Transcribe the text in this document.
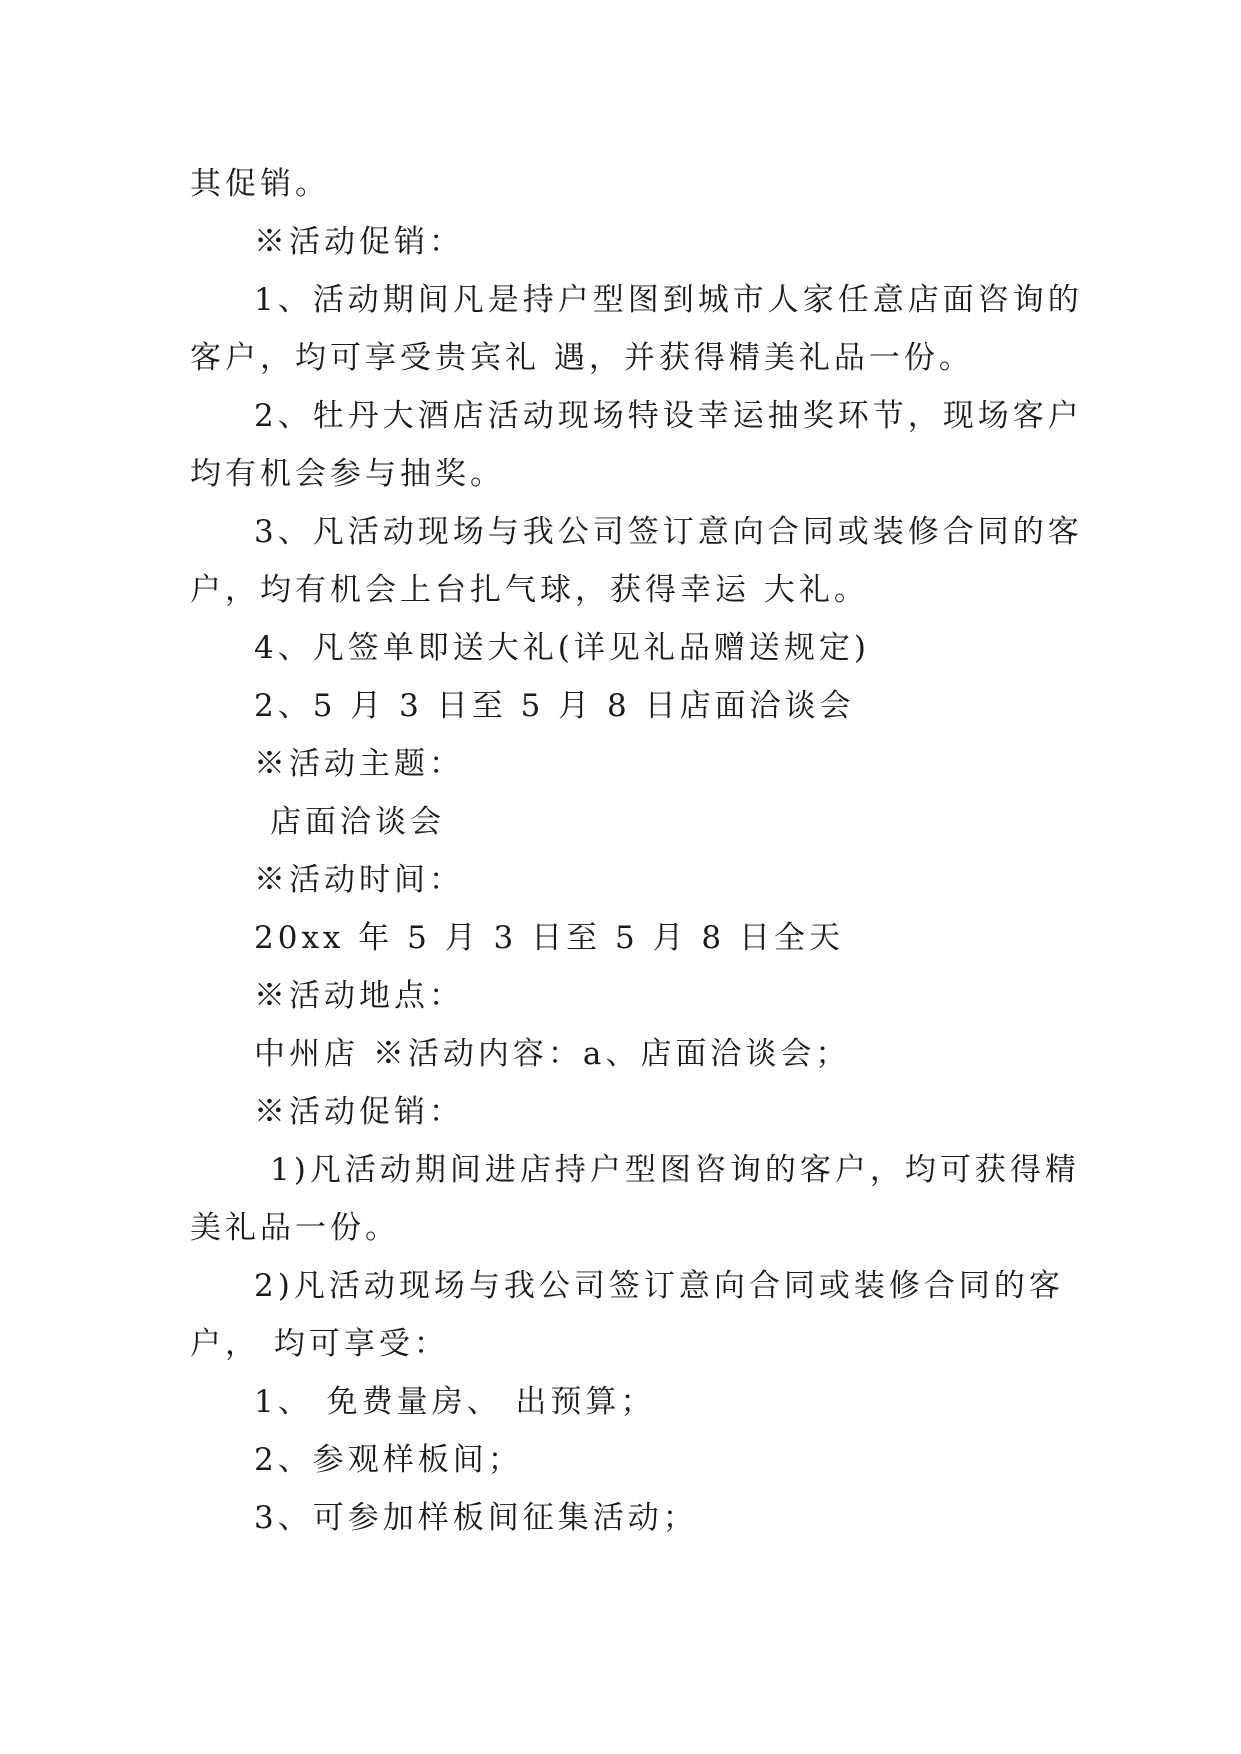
其促销。
※活动促销：
1、活动期间凡是持户型图到城市人家任意店面咨询的
客户，均可享受贵宾礼 遇，并获得精美礼品一份。
2、牡丹大酒店活动现场特设幸运抽奖环节，现场客户
均有机会参与抽奖。
3、凡活动现场与我公司签订意向合同或装修合同的客
户，均有机会上台扎气球，获得幸运 大礼。
4、凡签单即送大礼(详见礼品赠送规定)
2、5 月 3 日至 5 月 8 日店面洽谈会
※活动主题：
店面洽谈会
※活动时间：
20xx 年 5 月 3 日至 5 月 8 日全天
※活动地点：
中州店 ※活动内容：a、店面洽谈会；
※活动促销：
1)凡活动期间进店持户型图咨询的客户，均可获得精
美礼品一份。
2)凡活动现场与我公司签订意向合同或装修合同的客
户， 均可享受：
1、 免费量房、 出预算；
2、参观样板间；
3、可参加样板间征集活动；
